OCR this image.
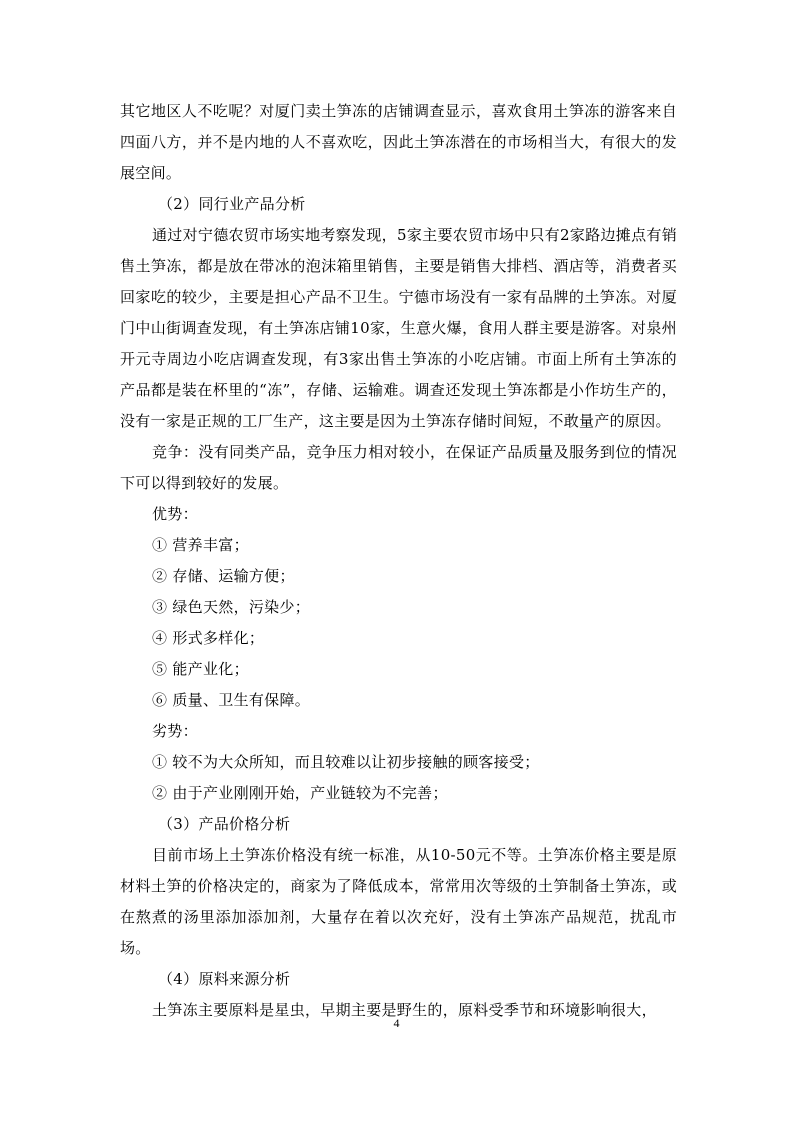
其它地区人不吃呢？对厦门卖土笋冻的店铺调查显示，喜欢食用土笋冻的游客来自四面八方，并不是内地的人不喜欢吃，因此土笋冻潜在的市场相当大，有很大的发展空间。

（2）同行业产品分析

通过对宁德农贸市场实地考察发现，5家主要农贸市场中只有2家路边摊点有销售土笋冻，都是放在带冰的泡沫箱里销售，主要是销售大排档、酒店等，消费者买回家吃的较少，主要是担心产品不卫生。宁德市场没有一家有品牌的土笋冻。对厦门中山街调查发现，有土笋冻店铺10家，生意火爆，食用人群主要是游客。对泉州开元寺周边小吃店调查发现，有3家出售土笋冻的小吃店铺。市面上所有土笋冻的产品都是装在杯里的“冻”，存储、运输难。调查还发现土笋冻都是小作坊生产的，没有一家是正规的工厂生产，这主要是因为土笋冻存储时间短，不敢量产的原因。

竞争：没有同类产品，竞争压力相对较小，在保证产品质量及服务到位的情况下可以得到较好的发展。

优势：

① 营养丰富；

② 存储、运输方便；

③ 绿色天然，污染少；

④ 形式多样化；

⑤ 能产业化；

⑥ 质量、卫生有保障。

劣势：

① 较不为大众所知，而且较难以让初步接触的顾客接受；

② 由于产业刚刚开始，产业链较为不完善；

（3）产品价格分析

目前市场上土笋冻价格没有统一标准，从10-50元不等。土笋冻价格主要是原材料土笋的价格决定的，商家为了降低成本，常常用次等级的土笋制备土笋冻，或在熬煮的汤里添加添加剂，大量存在着以次充好，没有土笋冻产品规范，扰乱市场。

（4）原料来源分析

土笋冻主要原料是星虫，早期主要是野生的，原料受季节和环境影响很大，

4
